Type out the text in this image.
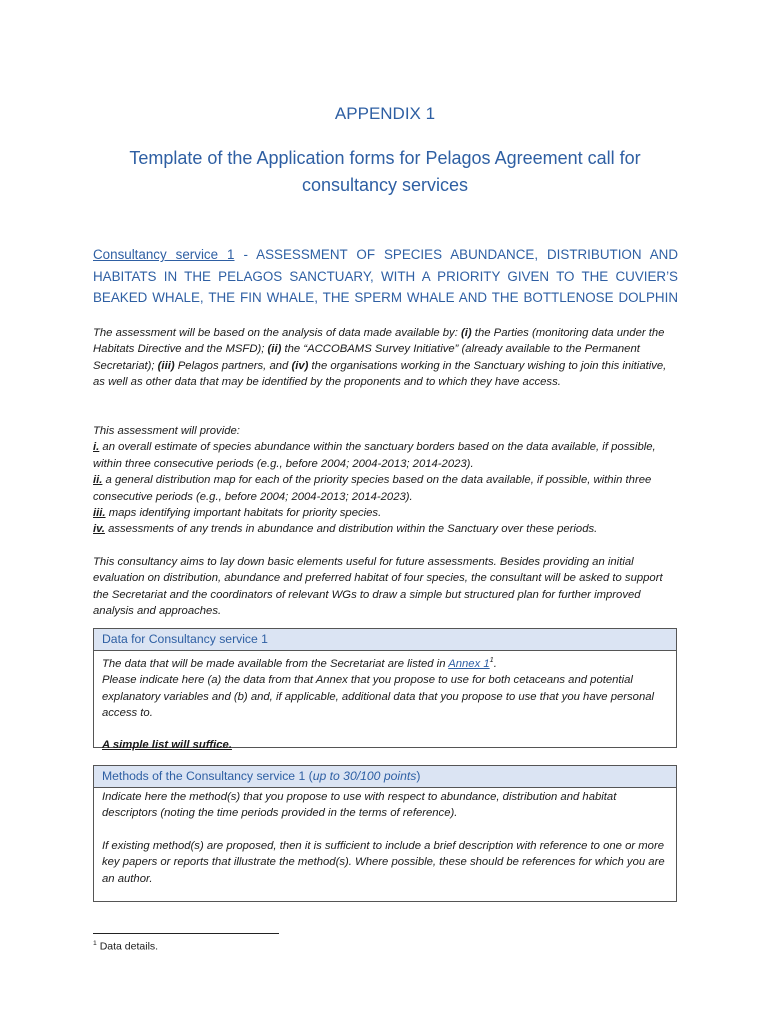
APPENDIX 1
Template of the Application forms for Pelagos Agreement call for consultancy services
Consultancy service 1 - ASSESSMENT OF SPECIES ABUNDANCE, DISTRIBUTION AND HABITATS IN THE PELAGOS SANCTUARY, WITH A PRIORITY GIVEN TO THE CUVIER’S BEAKED WHALE, THE FIN WHALE, THE SPERM WHALE AND THE BOTTLENOSE DOLPHIN
The assessment will be based on the analysis of data made available by: (i) the Parties (monitoring data under the Habitats Directive and the MSFD); (ii) the “ACCOBAMS Survey Initiative” (already available to the Permanent Secretariat); (iii) Pelagos partners, and (iv) the organisations working in the Sanctuary wishing to join this initiative, as well as other data that may be identified by the proponents and to which they have access.
This assessment will provide:
i. an overall estimate of species abundance within the sanctuary borders based on the data available, if possible, within three consecutive periods (e.g., before 2004; 2004-2013; 2014-2023).
ii. a general distribution map for each of the priority species based on the data available, if possible, within three consecutive periods (e.g., before 2004; 2004-2013; 2014-2023).
iii. maps identifying important habitats for priority species.
iv. assessments of any trends in abundance and distribution within the Sanctuary over these periods.
This consultancy aims to lay down basic elements useful for future assessments. Besides providing an initial evaluation on distribution, abundance and preferred habitat of four species, the consultant will be asked to support the Secretariat and the coordinators of relevant WGs to draw a simple but structured plan for further improved analysis and approaches.
Data for Consultancy service 1
The data that will be made available from the Secretariat are listed in Annex $1^1$.
Please indicate here (a) the data from that Annex that you propose to use for both cetaceans and potential explanatory variables and (b) and, if applicable, additional data that you propose to use that you have personal access to.
A simple list will suffice.
Methods of the Consultancy service 1 (up to 30/100 points)
Indicate here the method(s) that you propose to use with respect to abundance, distribution and habitat descriptors (noting the time periods provided in the terms of reference).
If existing method(s) are proposed, then it is sufficient to include a brief description with reference to one or more key papers or reports that illustrate the method(s). Where possible, these should be references for which you are an author.
$^1$ Data details.
